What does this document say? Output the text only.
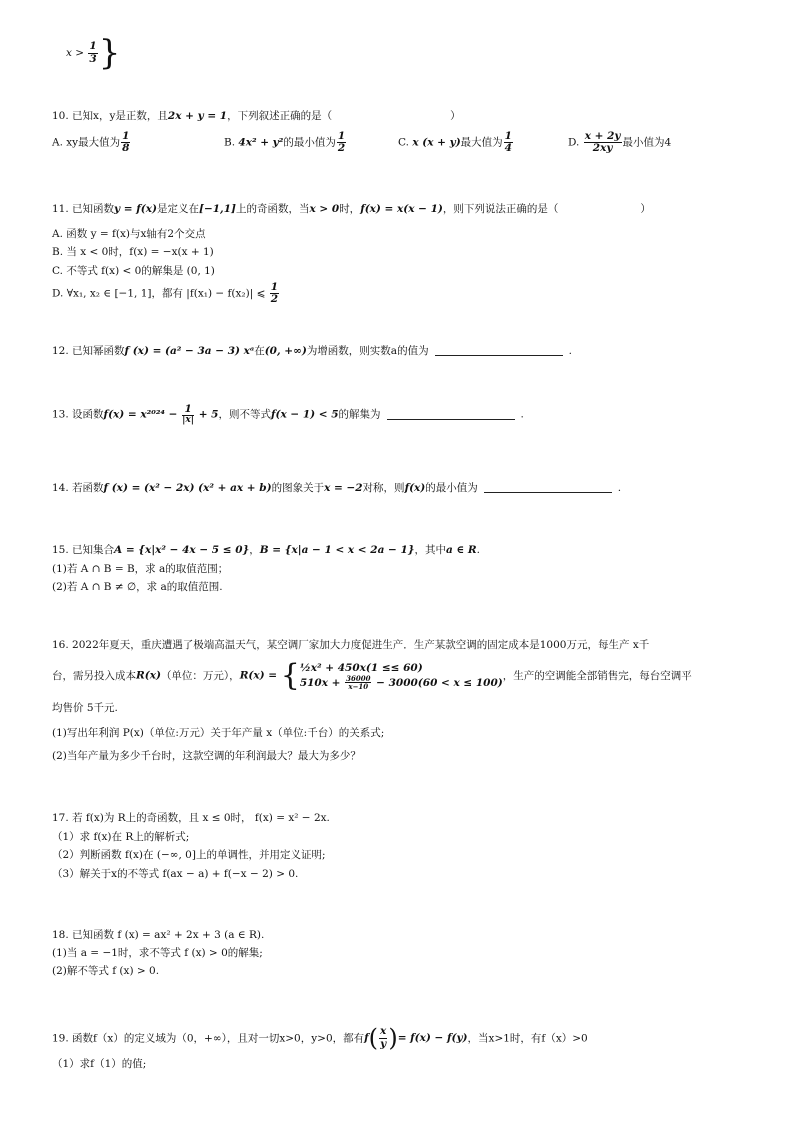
$x > \frac{1}{3}$ }
10. 已知x，y是正数，且2x + y = 1，下列叙述正确的是（	）
A. xy最大值为 $\frac{1}{8}$	B. 4x² + y²的最小值为 $\frac{1}{2}$	C. x (x + y)最大值为 $\frac{1}{4}$	D. $\frac{x + 2y}{2xy}$ 最小值为4
11. 已知函数y = f(x)是定义在[−1,1]上的奇函数，当x > 0时，f(x) = x(x − 1)，则下列说法正确的是（	）
A. 函数 y = f(x)与x轴有2个交点
B. 当 x < 0时，f(x) = −x(x + 1)
C. 不等式 f(x) < 0的解集是 (0, 1)
D. ∀x₁, x₂ ∈ [−1, 1]，都有 |f(x₁) − f(x₂)| ⩽ $\frac{1}{2}$
12. 已知幂函数f (x) = (a² − 3a − 3) xᵃ在(0, +∞)为增函数，则实数a的值为	.
13. 设函数$f(x) = x^{2024} - \frac{1}{|x|} + 5$，则不等式f(x − 1) < 5的解集为	.
14. 若函数f (x) = (x² − 2x) (x² + ax + b)的图象关于x = −2对称，则f(x)的最小值为	.
15. 已知集合A = {x|x² − 4x − 5 ≤ 0}，B = {x|a − 1 < x < 2a − 1}，其中a ∈ R.
(1)若 A ∩ B = B，求 a的取值范围；
(2)若 A ∩ B ≠ ∅，求 a的取值范围.
16. 2022年夏天，重庆遭遇了极端高温天气，某空调厂家加大力度促进生产．生产某款空调的固定成本是1000万元，每生产 x千
台，需另投入成本R(x)（单位：万元），R(x) = { ½x² + 450x(1 ≤≤ 60)
$510x + \frac{36000}{x-10} - 3000(60 < x \le 100)$
，生产的空调能全部销售完，每台空调平
均售价 5千元.
(1)写出年利润 P(x)（单位:万元）关于年产量 x（单位:千台）的关系式;
(2)当年产量为多少千台时，这款空调的年利润最大？最大为多少？
17. 若 f(x)为 R上的奇函数，且 x ≤ 0时， f(x) = x² − 2x.
（1）求 f(x)在 R上的解析式;
（2）判断函数 f(x)在 (−∞, 0]上的单调性，并用定义证明;
（3）解关于x的不等式 f(ax − a) + f(−x − 2) > 0.
18. 已知函数 f (x) = ax² + 2x + 3 (a ∈ R).
(1)当 a = −1时，求不等式 f (x) > 0的解集;
(2)解不等式 f (x) > 0.
19. 函数f（x）的定义域为（0，+∞），且对一切x>0，y>0，都有$f( \frac{x}{y}$ )= f(x) − f(y)，当x>1时，有f（x）>0
（1）求f（1）的值;
